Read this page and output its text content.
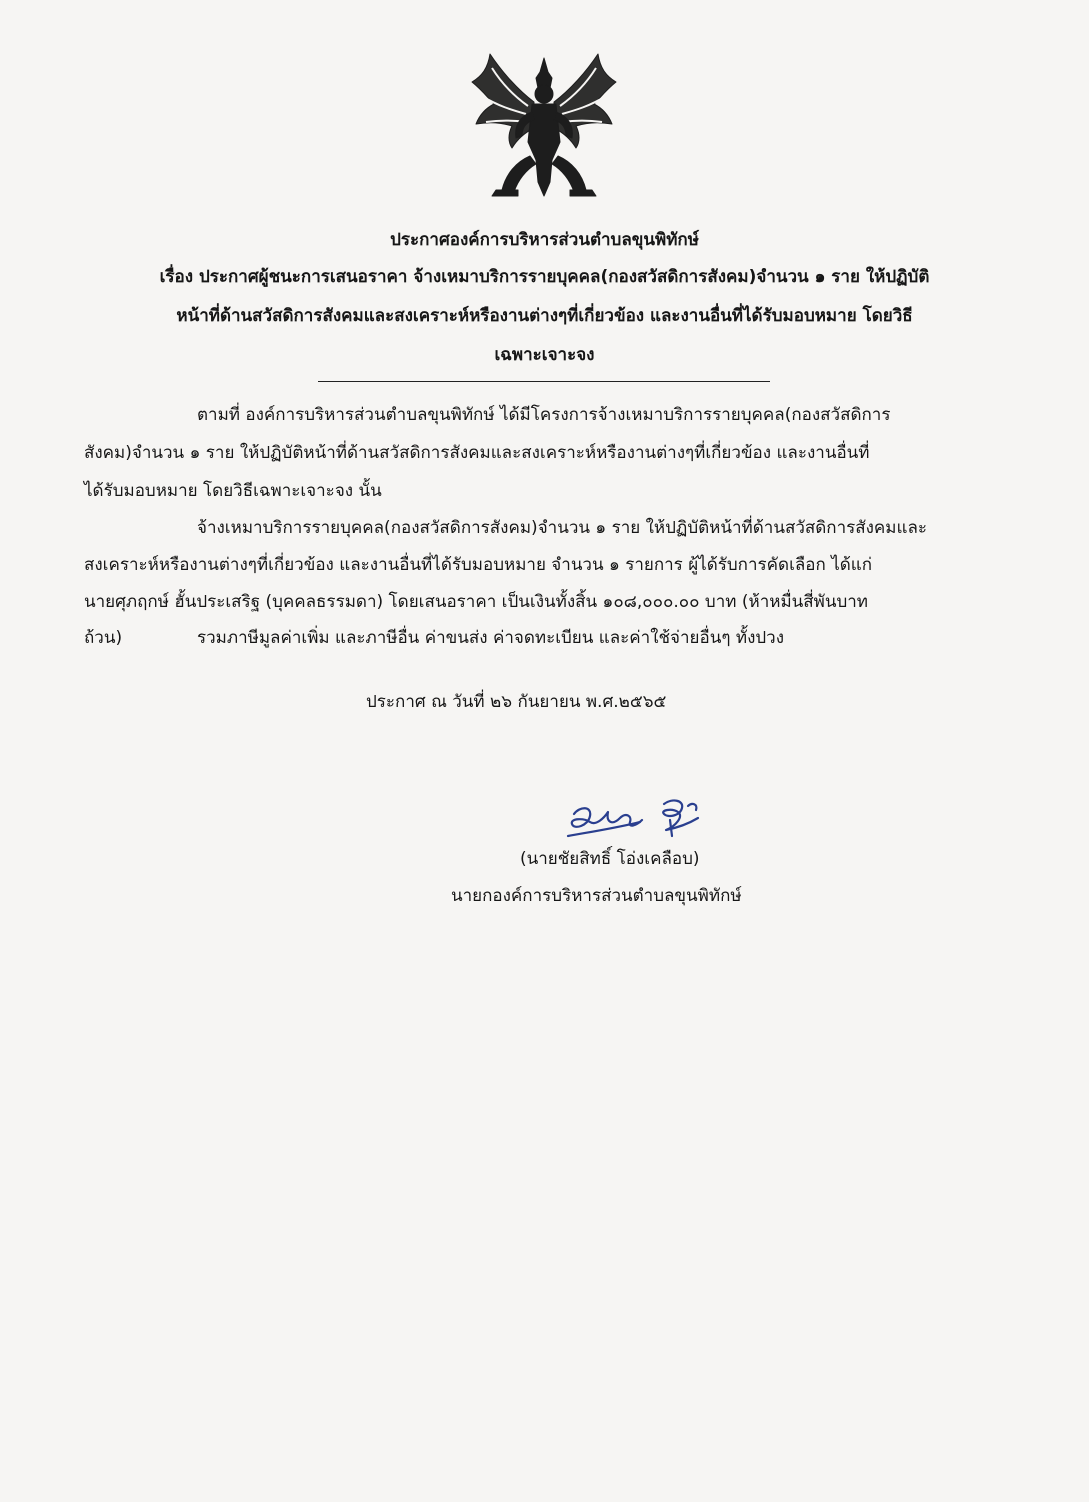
ประกาศองค์การบริหารส่วนตำบลขุนพิทักษ์
เรื่อง ประกาศผู้ชนะการเสนอราคา จ้างเหมาบริการรายบุคคล(กองสวัสดิการสังคม)จำนวน ๑ ราย ให้ปฏิบัติ
หน้าที่ด้านสวัสดิการสังคมและสงเคราะห์หรืองานต่างๆที่เกี่ยวข้อง และงานอื่นที่ได้รับมอบหมาย โดยวิธี
เฉพาะเจาะจง
ตามที่ องค์การบริหารส่วนตำบลขุนพิทักษ์ ได้มีโครงการจ้างเหมาบริการรายบุคคล(กองสวัสดิการ
สังคม)จำนวน ๑ ราย ให้ปฏิบัติหน้าที่ด้านสวัสดิการสังคมและสงเคราะห์หรืองานต่างๆที่เกี่ยวข้อง และงานอื่นที่
ได้รับมอบหมาย โดยวิธีเฉพาะเจาะจง นั้น
จ้างเหมาบริการรายบุคคล(กองสวัสดิการสังคม)จำนวน ๑ ราย ให้ปฏิบัติหน้าที่ด้านสวัสดิการสังคมและ
สงเคราะห์หรืองานต่างๆที่เกี่ยวข้อง และงานอื่นที่ได้รับมอบหมาย จำนวน ๑ รายการ ผู้ได้รับการคัดเลือก ได้แก่
นายศุภฤกษ์ ฮั้นประเสริฐ (บุคคลธรรมดา) โดยเสนอราคา เป็นเงินทั้งสิ้น ๑๐๘,๐๐๐.๐๐ บาท (ห้าหมื่นสี่พันบาท
ถ้วน)	รวมภาษีมูลค่าเพิ่ม และภาษีอื่น ค่าขนส่ง ค่าจดทะเบียน และค่าใช้จ่ายอื่นๆ ทั้งปวง
ประกาศ ณ วันที่ ๒๖ กันยายน พ.ศ.๒๕๖๕
(นายชัยสิทธิ์ โอ่งเคลือบ)
นายกองค์การบริหารส่วนตำบลขุนพิทักษ์
